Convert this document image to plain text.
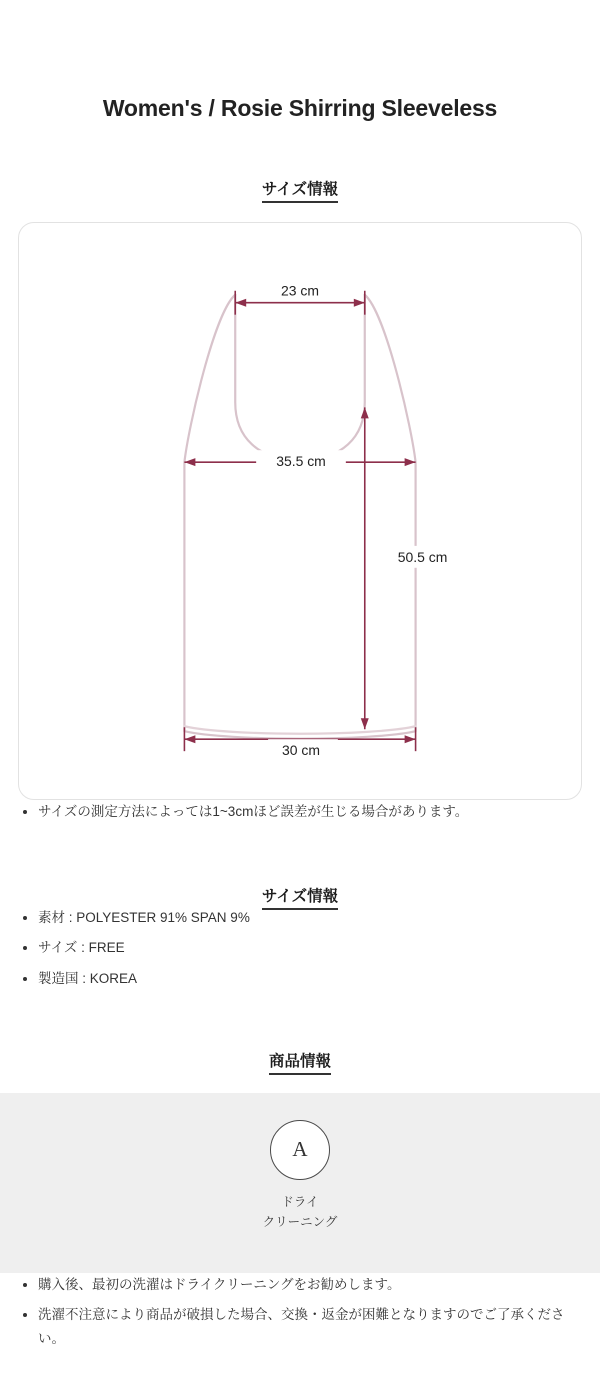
Women's / Rosie Shirring Sleeveless
サイズ情報
23 cm
35.5 cm
50.5 cm
30 cm
サイズの測定方法によっては1~3cmほど誤差が生じる場合があります。
サイズ情報
素材 : POLYESTER 91% SPAN 9%
サイズ : FREE
製造国 : KOREA
商品情報
A
ドライ
クリーニング
購入後、最初の洗濯はドライクリーニングをお勧めします。
洗濯不注意により商品が破損した場合、交換・返金が困難となりますのでご了承ください。
